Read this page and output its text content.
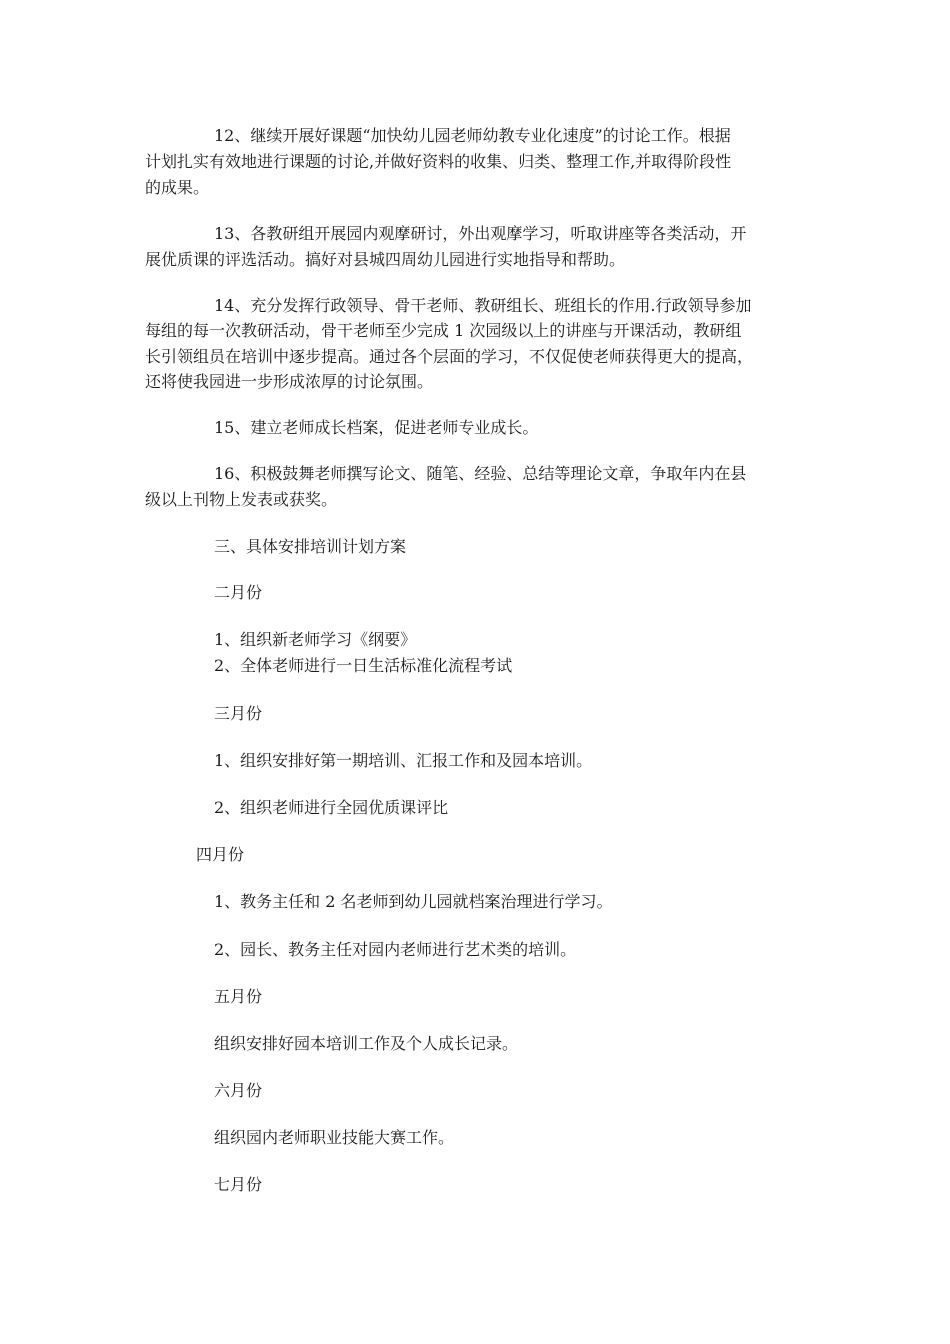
12、继续开展好课题“加快幼儿园老师幼教专业化速度”的讨论工作。根据

计划扎实有效地进行课题的讨论,并做好资料的收集、归类、整理工作,并取得阶段性

的成果。

13、各教研组开展园内观摩研讨，外出观摩学习，听取讲座等各类活动，开

展优质课的评选活动。搞好对县城四周幼儿园进行实地指导和帮助。

14、充分发挥行政领导、骨干老师、教研组长、班组长的作用.行政领导参加

每组的每一次教研活动，骨干老师至少完成 1 次园级以上的讲座与开课活动，教研组

长引领组员在培训中逐步提高。通过各个层面的学习，不仅促使老师获得更大的提高，

还将使我园进一步形成浓厚的讨论氛围。

15、建立老师成长档案，促进老师专业成长。

16、积极鼓舞老师撰写论文、随笔、经验、总结等理论文章，争取年内在县

级以上刊物上发表或获奖。

三、具体安排培训计划方案

二月份

1、组织新老师学习《纲要》

2、全体老师进行一日生活标准化流程考试

三月份

1、组织安排好第一期培训、汇报工作和及园本培训。

2、组织老师进行全园优质课评比

四月份

1、教务主任和 2 名老师到幼儿园就档案治理进行学习。

2、园长、教务主任对园内老师进行艺术类的培训。

五月份

组织安排好园本培训工作及个人成长记录。

六月份

组织园内老师职业技能大赛工作。

七月份
